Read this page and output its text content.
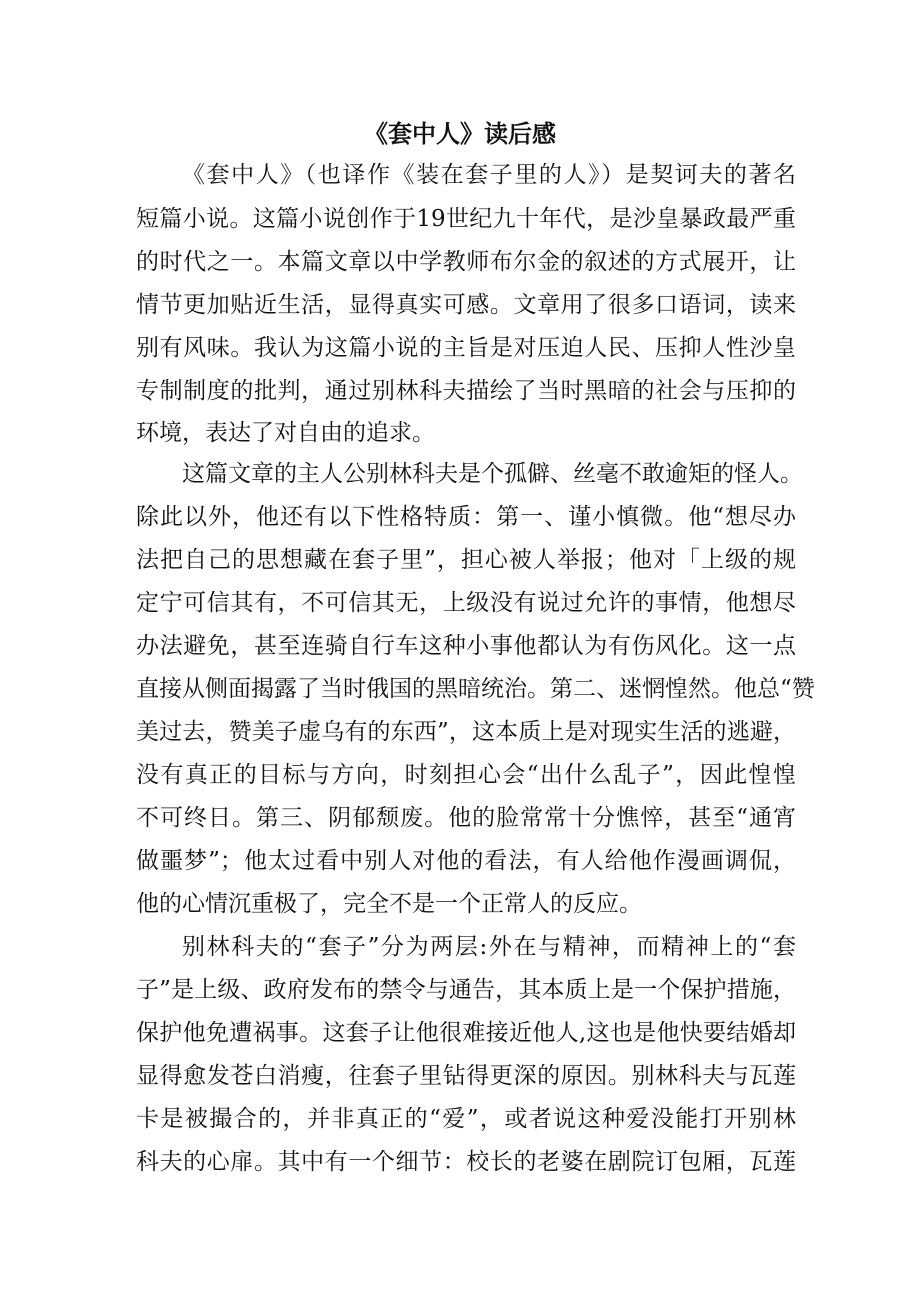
《套中人》读后感
《套中人》（也译作《装在套子里的人》）是契诃夫的著名
短篇小说。这篇小说创作于19世纪九十年代，是沙皇暴政最严重
的时代之一。本篇文章以中学教师布尔金的叙述的方式展开，让
情节更加贴近生活，显得真实可感。文章用了很多口语词，读来
别有风味。我认为这篇小说的主旨是对压迫人民、压抑人性沙皇
专制制度的批判，通过别林科夫描绘了当时黑暗的社会与压抑的
环境，表达了对自由的追求。
这篇文章的主人公别林科夫是个孤僻、丝毫不敢逾矩的怪人。
除此以外，他还有以下性格特质：第一、谨小慎微。他“想尽办
法把自己的思想藏在套子里”，担心被人举报；他对「上级的规
定宁可信其有，不可信其无，上级没有说过允许的事情，他想尽
办法避免，甚至连骑自行车这种小事他都认为有伤风化。这一点
直接从侧面揭露了当时俄国的黑暗统治。第二、迷惘惶然。他总“赞
美过去，赞美子虚乌有的东西”，这本质上是对现实生活的逃避，
没有真正的目标与方向，时刻担心会“出什么乱子”，因此惶惶
不可终日。第三、阴郁颓废。他的脸常常十分憔悴，甚至“通宵
做噩梦”；他太过看中别人对他的看法，有人给他作漫画调侃，
他的心情沉重极了，完全不是一个正常人的反应。
别林科夫的“套子”分为两层:外在与精神，而精神上的“套
子”是上级、政府发布的禁令与通告，其本质上是一个保护措施，
保护他免遭祸事。这套子让他很难接近他人,这也是他快要结婚却
显得愈发苍白消瘦，往套子里钻得更深的原因。别林科夫与瓦莲
卡是被撮合的，并非真正的“爱”，或者说这种爱没能打开别林
科夫的心扉。其中有一个细节：校长的老婆在剧院订包厢，瓦莲
